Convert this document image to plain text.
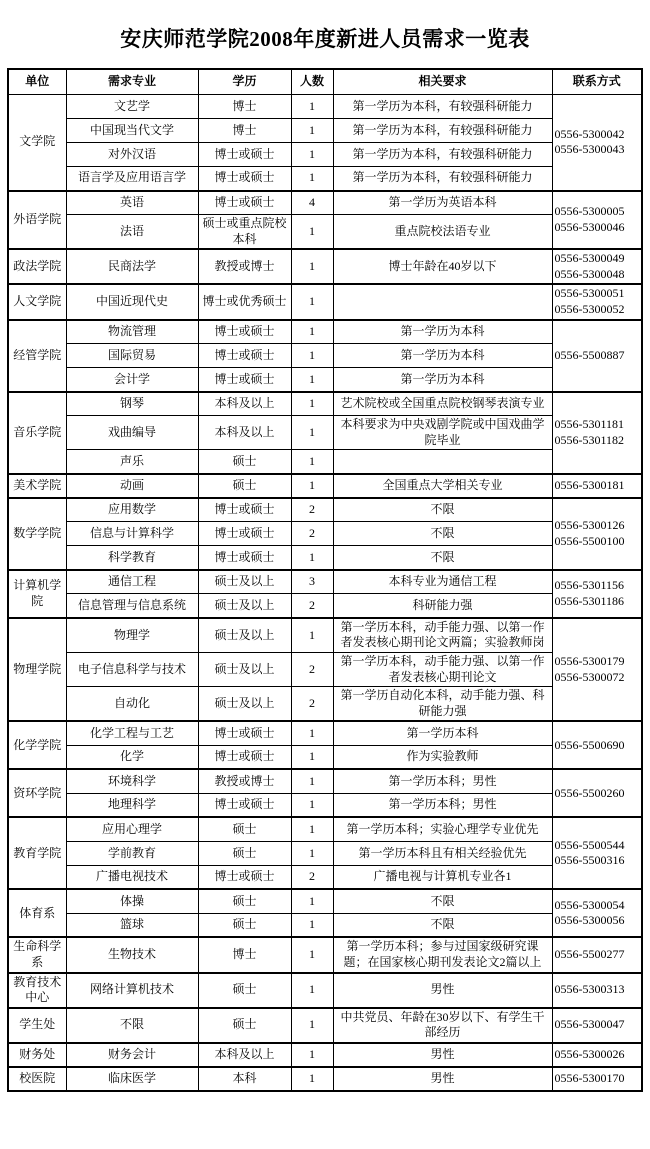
安庆师范学院2008年度新进人员需求一览表
单位	需求专业	学历	人数	相关要求	联系方式
文学院	文艺学	博士	1	第一学历为本科，有较强科研能力	0556-5300042
0556-5300043

	中国现当代文学	博士	1	第一学历为本科，有较强科研能力	
	对外汉语	博士或硕士	1	第一学历为本科，有较强科研能力	
	语言学及应用语言学	博士或硕士	1	第一学历为本科，有较强科研能力	
外语学院	英语	博士或硕士	4	第一学历为英语本科	0556-5300005
0556-5300046

	法语	硕士或重点院校本科	1	重点院校法语专业	
政法学院	民商法学	教授或博士	1	博士年龄在40岁以下	0556-5300049
0556-5300048

人文学院	中国近现代史	博士或优秀硕士	1		0556-5300051
0556-5300052

经管学院	物流管理	博士或硕士	1	第一学历为本科	0556-5500887

	国际贸易	博士或硕士	1	第一学历为本科	
	会计学	博士或硕士	1	第一学历为本科	
音乐学院	钢琴	本科及以上	1	艺术院校或全国重点院校钢琴表演专业	0556-5301181
0556-5301182

	戏曲编导	本科及以上	1	本科要求为中央戏剧学院或中国戏曲学院毕业	
	声乐	硕士	1		
美术学院	动画	硕士	1	全国重点大学相关专业	0556-5300181

数学学院	应用数学	博士或硕士	2	不限	0556-5300126
0556-5500100

	信息与计算科学	博士或硕士	2	不限	
	科学教育	博士或硕士	1	不限	
计算机学院	通信工程	硕士及以上	3	本科专业为通信工程	0556-5301156
0556-5301186

	信息管理与信息系统	硕士及以上	2	科研能力强	
物理学院	物理学	硕士及以上	1	第一学历本科，动手能力强、以第一作者发表核心期刊论文两篇；实验教师岗	0556-5300179
0556-5300072

	电子信息科学与技术	硕士及以上	2	第一学历本科，动手能力强、以第一作者发表核心期刊论文	
	自动化	硕士及以上	2	第一学历自动化本科，动手能力强、科研能力强	
化学学院	化学工程与工艺	博士或硕士	1	第一学历本科	0556-5500690

	化学	博士或硕士	1	作为实验教师	
资环学院	环境科学	教授或博士	1	第一学历本科；男性	0556-5500260

	地理科学	博士或硕士	1	第一学历本科；男性	
教育学院	应用心理学	硕士	1	第一学历本科；实验心理学专业优先	0556-5500544
0556-5500316

	学前教育	硕士	1	第一学历本科且有相关经验优先	
	广播电视技术	博士或硕士	2	广播电视与计算机专业各1	
体育系	体操	硕士	1	不限	0556-5300054
0556-5300056

	篮球	硕士	1	不限	
生命科学系	生物技术	博士	1	第一学历本科；参与过国家级研究课题；在国家核心期刊发表论文2篇以上	0556-5500277

教育技术中心	网络计算机技术	硕士	1	男性	0556-5300313

学生处	不限	硕士	1	中共党员、年龄在30岁以下、有学生干部经历	0556-5300047

财务处	财务会计	本科及以上	1	男性	0556-5300026

校医院	临床医学	本科	1	男性	0556-5300170
